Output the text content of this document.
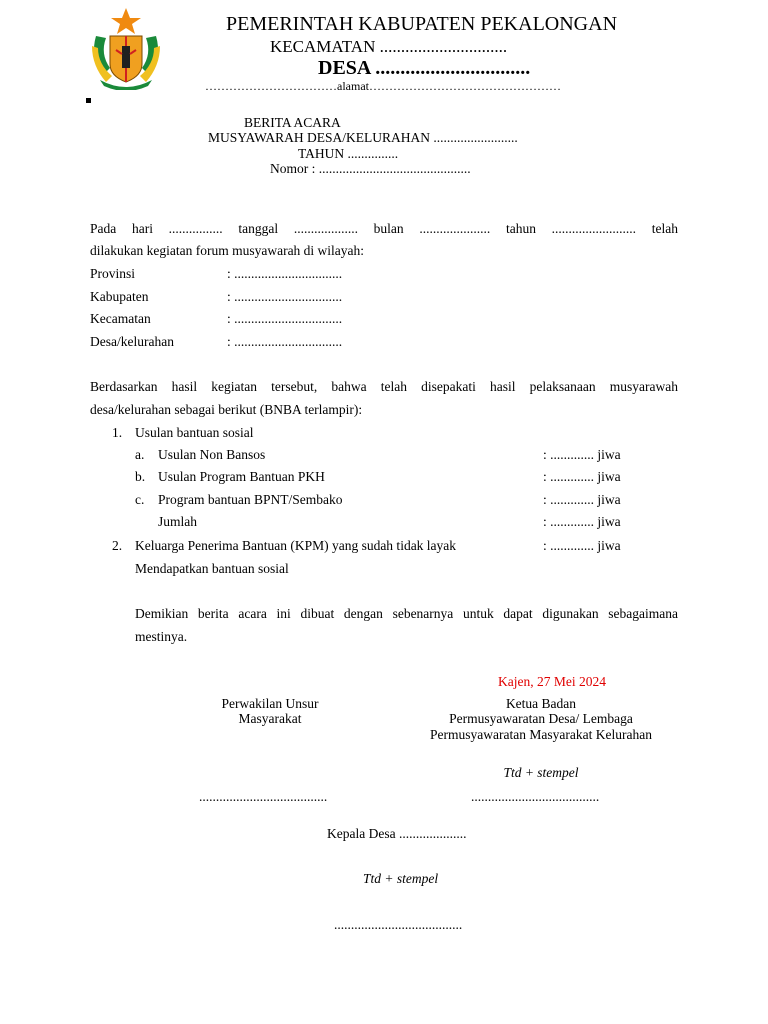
PEMERINTAH KABUPATEN PEKALONGAN
KECAMATAN ..............................
DESA ...............................
……………………………alamat…………………………………………
BERITA ACARA
MUSYAWARAH DESA/KELURAHAN .........................
TAHUN ...............
Nomor : .............................................
Pada hari ................ tanggal ................... bulan ..................... tahun ......................... telah
dilakukan kegiatan forum musyawarah di wilayah:
Provinsi	: ................................
Kabupaten	: ................................
Kecamatan	: ................................
Desa/kelurahan	: ................................
Berdasarkan hasil kegiatan tersebut, bahwa telah disepakati hasil pelaksanaan musyarawah
desa/kelurahan sebagai berikut (BNBA terlampir):
1. Usulan bantuan sosial
a. Usulan Non Bansos	: ............. jiwa
b. Usulan Program Bantuan PKH	: ............. jiwa
c. Program bantuan BPNT/Sembako	: ............. jiwa
Jumlah	: ............. jiwa
2. Keluarga Penerima Bantuan (KPM) yang sudah tidak layak	: ............. jiwa
Mendapatkan bantuan sosial
Demikian berita acara ini dibuat dengan sebenarnya untuk dapat digunakan sebagaimana
mestinya.
Kajen, 27 Mei 2024
Perwakilan Unsur
Masyarakat
Ketua Badan
Permusyawaratan Desa/ Lembaga
Permusyawaratan Masyarakat Kelurahan
Ttd + stempel
......................................	......................................
Kepala Desa ....................
Ttd + stempel
......................................
